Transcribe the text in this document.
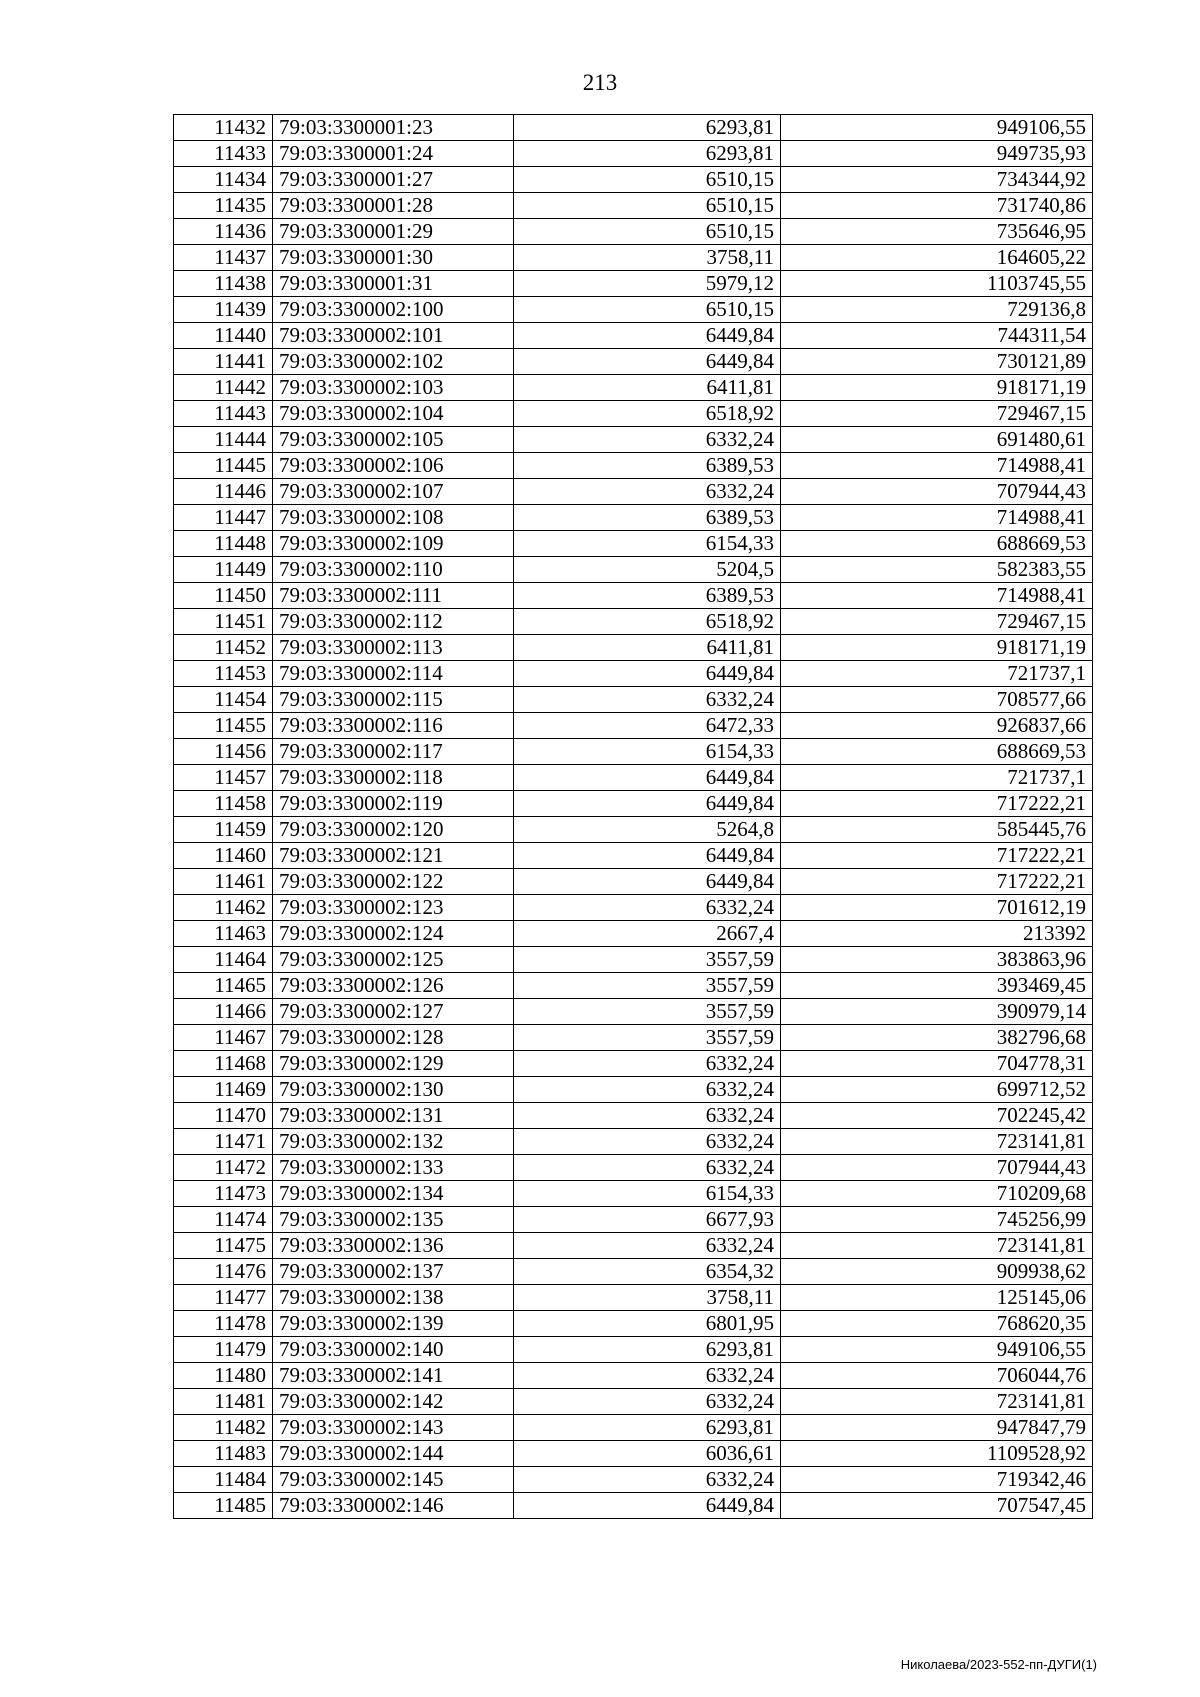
213
11432	79:03:3300001:23	6293,81	949106,55
11433	79:03:3300001:24	6293,81	949735,93
11434	79:03:3300001:27	6510,15	734344,92
11435	79:03:3300001:28	6510,15	731740,86
11436	79:03:3300001:29	6510,15	735646,95
11437	79:03:3300001:30	3758,11	164605,22
11438	79:03:3300001:31	5979,12	1103745,55
11439	79:03:3300002:100	6510,15	729136,8
11440	79:03:3300002:101	6449,84	744311,54
11441	79:03:3300002:102	6449,84	730121,89
11442	79:03:3300002:103	6411,81	918171,19
11443	79:03:3300002:104	6518,92	729467,15
11444	79:03:3300002:105	6332,24	691480,61
11445	79:03:3300002:106	6389,53	714988,41
11446	79:03:3300002:107	6332,24	707944,43
11447	79:03:3300002:108	6389,53	714988,41
11448	79:03:3300002:109	6154,33	688669,53
11449	79:03:3300002:110	5204,5	582383,55
11450	79:03:3300002:111	6389,53	714988,41
11451	79:03:3300002:112	6518,92	729467,15
11452	79:03:3300002:113	6411,81	918171,19
11453	79:03:3300002:114	6449,84	721737,1
11454	79:03:3300002:115	6332,24	708577,66
11455	79:03:3300002:116	6472,33	926837,66
11456	79:03:3300002:117	6154,33	688669,53
11457	79:03:3300002:118	6449,84	721737,1
11458	79:03:3300002:119	6449,84	717222,21
11459	79:03:3300002:120	5264,8	585445,76
11460	79:03:3300002:121	6449,84	717222,21
11461	79:03:3300002:122	6449,84	717222,21
11462	79:03:3300002:123	6332,24	701612,19
11463	79:03:3300002:124	2667,4	213392
11464	79:03:3300002:125	3557,59	383863,96
11465	79:03:3300002:126	3557,59	393469,45
11466	79:03:3300002:127	3557,59	390979,14
11467	79:03:3300002:128	3557,59	382796,68
11468	79:03:3300002:129	6332,24	704778,31
11469	79:03:3300002:130	6332,24	699712,52
11470	79:03:3300002:131	6332,24	702245,42
11471	79:03:3300002:132	6332,24	723141,81
11472	79:03:3300002:133	6332,24	707944,43
11473	79:03:3300002:134	6154,33	710209,68
11474	79:03:3300002:135	6677,93	745256,99
11475	79:03:3300002:136	6332,24	723141,81
11476	79:03:3300002:137	6354,32	909938,62
11477	79:03:3300002:138	3758,11	125145,06
11478	79:03:3300002:139	6801,95	768620,35
11479	79:03:3300002:140	6293,81	949106,55
11480	79:03:3300002:141	6332,24	706044,76
11481	79:03:3300002:142	6332,24	723141,81
11482	79:03:3300002:143	6293,81	947847,79
11483	79:03:3300002:144	6036,61	1109528,92
11484	79:03:3300002:145	6332,24	719342,46
11485	79:03:3300002:146	6449,84	707547,45
Николаева/2023-552-пп-ДУГИ(1)
